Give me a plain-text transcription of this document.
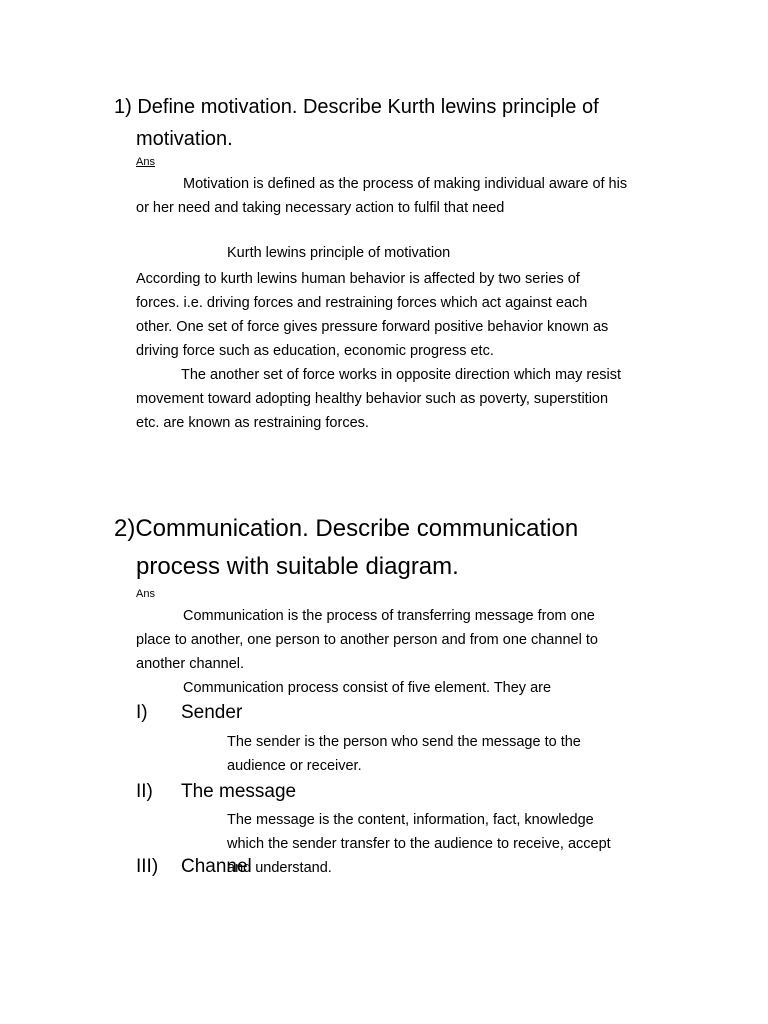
1) Define motivation. Describe Kurth lewins principle of
motivation.
Ans
Motivation is defined as the process of making individual aware of his
or her need and taking necessary action to fulfil that need
Kurth lewins principle of motivation
According to kurth lewins human behavior is affected by two series of
forces. i.e. driving forces and restraining forces which act against each
other. One set of force gives pressure forward positive behavior known as
driving force such as education, economic progress etc.
The another set of force works in opposite direction which may resist
movement toward adopting healthy behavior such as poverty, superstition
etc. are known as restraining forces.
2)Communication. Describe communication
process with suitable diagram.
Ans
Communication is the process of transferring message from one
place to another, one person to another person and from one channel to
another channel.
Communication process consist of five element. They are
I) Sender
The sender is the person who send the message to the
audience or receiver.
II) The message
The message is the content, information, fact, knowledge
which the sender transfer to the audience to receive, accept
and understand.
III) Channel
